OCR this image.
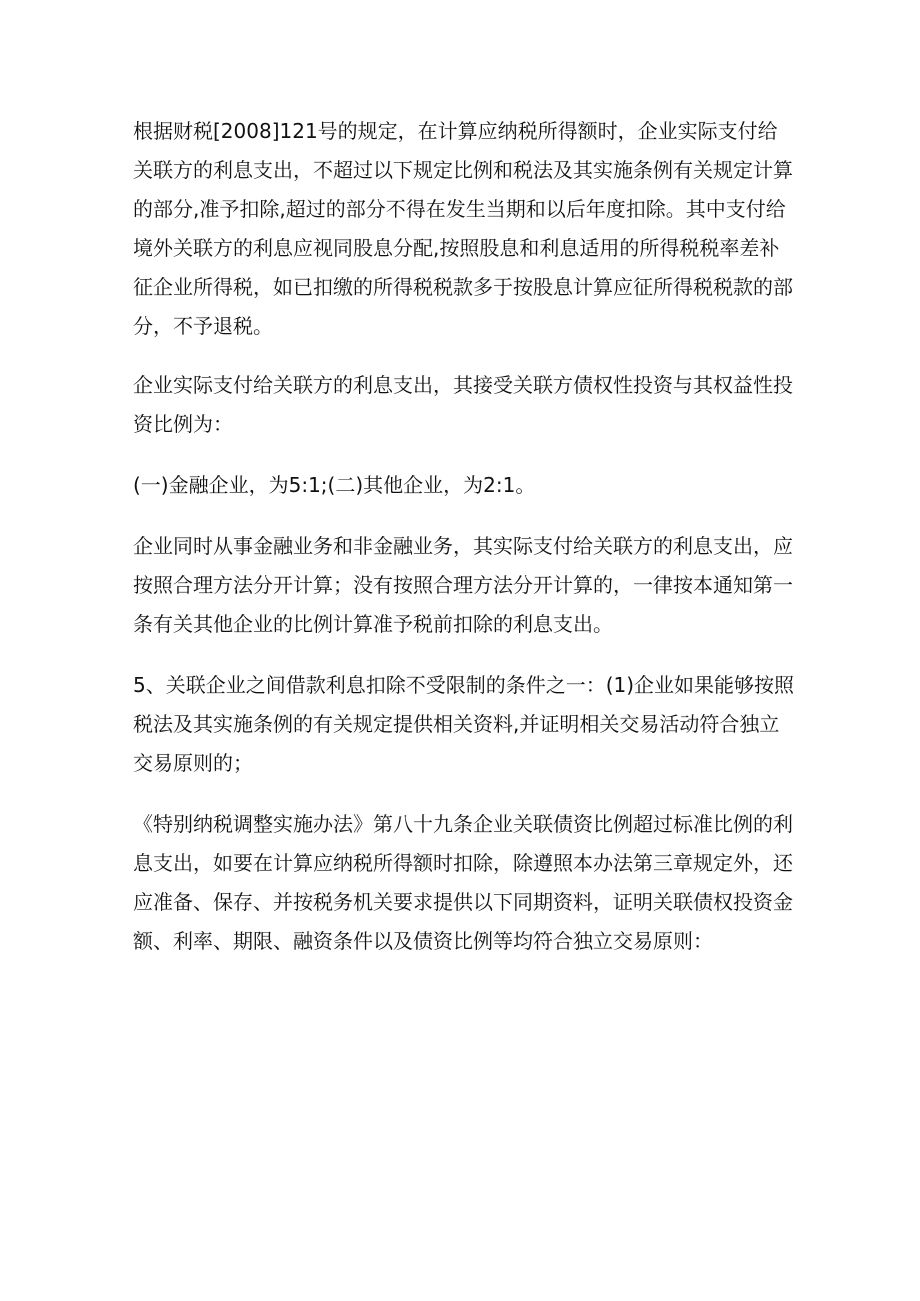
根据财税[2008]121号的规定，在计算应纳税所得额时，企业实际支付给关联方的利息支出，不超过以下规定比例和税法及其实施条例有关规定计算的部分,准予扣除,超过的部分不得在发生当期和以后年度扣除。其中支付给境外关联方的利息应视同股息分配,按照股息和利息适用的所得税税率差补征企业所得税，如已扣缴的所得税税款多于按股息计算应征所得税税款的部分，不予退税。

企业实际支付给关联方的利息支出，其接受关联方债权性投资与其权益性投资比例为：

(一)金融企业，为5:1;(二)其他企业，为2:1。

企业同时从事金融业务和非金融业务，其实际支付给关联方的利息支出，应按照合理方法分开计算；没有按照合理方法分开计算的，一律按本通知第一条有关其他企业的比例计算准予税前扣除的利息支出。

5、关联企业之间借款利息扣除不受限制的条件之一：(1)企业如果能够按照税法及其实施条例的有关规定提供相关资料,并证明相关交易活动符合独立交易原则的；

《特别纳税调整实施办法》第八十九条企业关联债资比例超过标准比例的利息支出，如要在计算应纳税所得额时扣除，除遵照本办法第三章规定外，还应准备、保存、并按税务机关要求提供以下同期资料，证明关联债权投资金额、利率、期限、融资条件以及债资比例等均符合独立交易原则：
